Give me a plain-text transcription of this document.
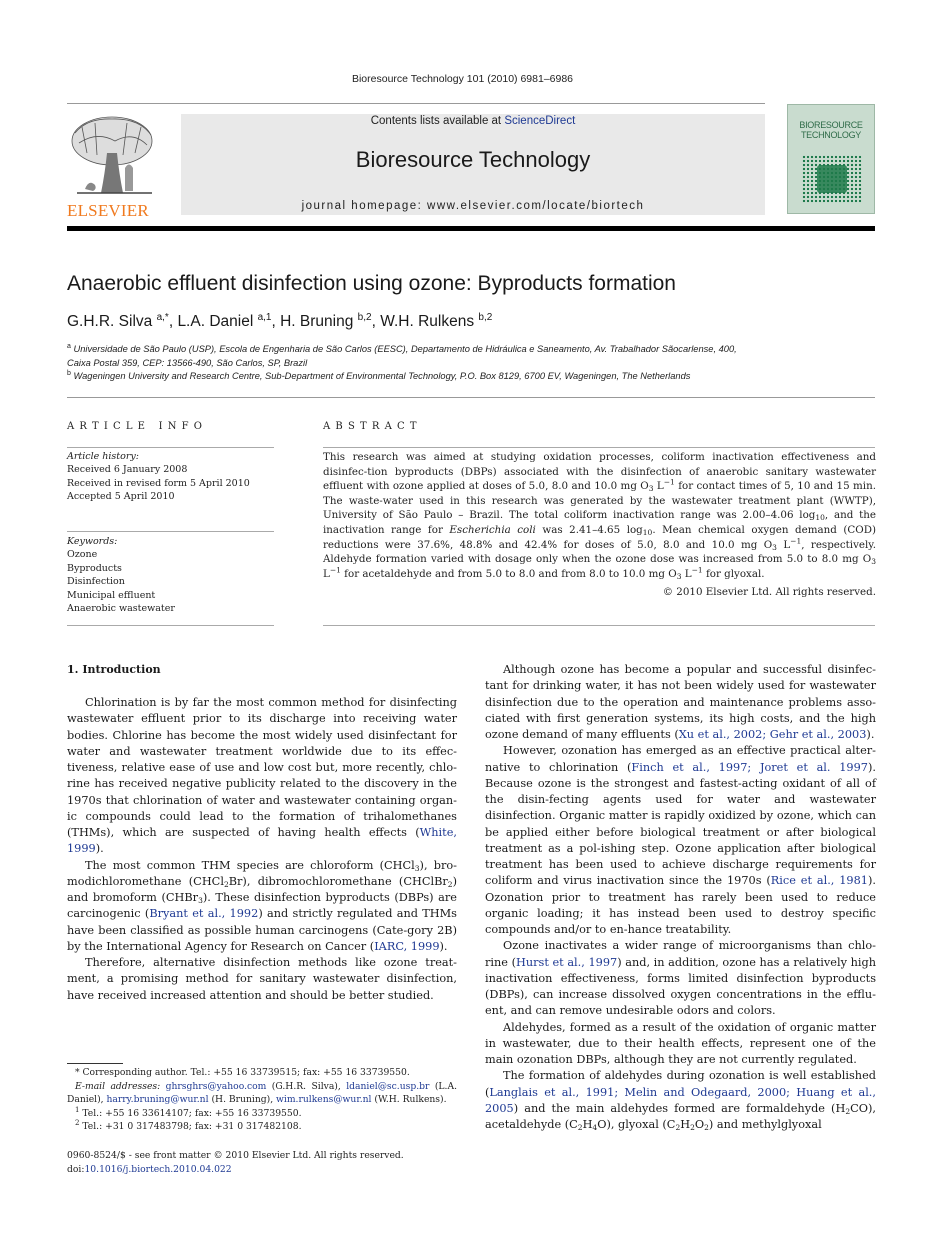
Bioresource Technology 101 (2010) 6981–6986
ELSEVIER
Contents lists available at ScienceDirect
Bioresource Technology
journal homepage: www.elsevier.com/locate/biortech
BIORESOURCE
TECHNOLOGY
Anaerobic effluent disinfection using ozone: Byproducts formation
G.H.R. Silva $^{a,*}$, L.A. Daniel $^{a,1}$, H. Bruning $^{b,2}$, W.H. Rulkens $^{b,2}$
$^a$ Universidade de São Paulo (USP), Escola de Engenharia de São Carlos (EESC), Departamento de Hidráulica e Saneamento, Av. Trabalhador Sãocarlense, 400,
Caixa Postal 359, CEP: 13566-490, São Carlos, SP, Brazil
$^b$ Wageningen University and Research Centre, Sub-Department of Environmental Technology, P.O. Box 8129, 6700 EV, Wageningen, The Netherlands
ARTICLE INFO
Article history:
Received 6 January 2008
Received in revised form 5 April 2010
Accepted 5 April 2010
Keywords:
Ozone
Byproducts
Disinfection
Municipal effluent
Anaerobic wastewater
ABSTRACT
This research was aimed at studying oxidation processes, coliform inactivation effectiveness and disinfec-tion byproducts (DBPs) associated with the disinfection of anaerobic sanitary wastewater effluent with ozone applied at doses of 5.0, 8.0 and 10.0 mg $O_3$ $L^{-1}$ for contact times of 5, 10 and 15 min. The waste-water used in this research was generated by the wastewater treatment plant (WWTP), University of São Paulo – Brazil. The total coliform inactivation range was 2.00–4.06 $\log_{10}$, and the inactivation range for Escherichia coli was 2.41–4.65 $\log_{10}$. Mean chemical oxygen demand (COD) reductions were 37.6%, 48.8% and 42.4% for doses of 5.0, 8.0 and 10.0 mg $O_3$ $L^{-1}$, respectively. Aldehyde formation varied with dosage only when the ozone dose was increased from 5.0 to 8.0 mg $O_3$ $L^{-1}$ for acetaldehyde and from 5.0 to 8.0 and from 8.0 to 10.0 mg $O_3$ $L^{-1}$ for glyoxal.
© 2010 Elsevier Ltd. All rights reserved.
1. Introduction

Chlorination is by far the most common method for disinfecting wastewater effluent prior to its discharge into receiving water bodies. Chlorine has become the most widely used disinfectant for water and wastewater treatment worldwide due to its effec-tiveness, relative ease of use and low cost but, more recently, chlo-rine has received negative publicity related to the discovery in the 1970s that chlorination of water and wastewater containing organ-ic compounds could lead to the formation of trihalomethanes (THMs), which are suspected of having health effects (White, 1999).

The most common THM species are chloroform (CHCl$_3$), bro-modichloromethane (CHCl$_2$Br), dibromochloromethane (CHClBr$_2$) and bromoform (CHBr$_3$). These disinfection byproducts (DBPs) are carcinogenic (Bryant et al., 1992) and strictly regulated and THMs have been classified as possible human carcinogens (Cate-gory 2B) by the International Agency for Research on Cancer (IARC, 1999).

Therefore, alternative disinfection methods like ozone treat-ment, a promising method for sanitary wastewater disinfection, have received increased attention and should be better studied.

Although ozone has become a popular and successful disinfec-tant for drinking water, it has not been widely used for wastewater disinfection due to the operation and maintenance problems asso-ciated with first generation systems, its high costs, and the high ozone demand of many effluents (Xu et al., 2002; Gehr et al., 2003).

However, ozonation has emerged as an effective practical alter-native to chlorination (Finch et al., 1997; Joret et al. 1997). Because ozone is the strongest and fastest-acting oxidant of all of the disin-fecting agents used for water and wastewater disinfection. Organic matter is rapidly oxidized by ozone, which can be applied either before biological treatment or after biological treatment as a pol-ishing step. Ozone application after biological treatment has been used to achieve discharge requirements for coliform and virus inactivation since the 1970s (Rice et al., 1981). Ozonation prior to treatment has rarely been used to reduce organic loading; it has instead been used to destroy specific compounds and/or to en-hance treatability.

Ozone inactivates a wider range of microorganisms than chlo-rine (Hurst et al., 1997) and, in addition, ozone has a relatively high inactivation effectiveness, forms limited disinfection byproducts (DBPs), can increase dissolved oxygen concentrations in the efflu-ent, and can remove undesirable odors and colors.

Aldehydes, formed as a result of the oxidation of organic matter in wastewater, due to their health effects, represent one of the main ozonation DBPs, although they are not currently regulated.

The formation of aldehydes during ozonation is well established (Langlais et al., 1991; Melin and Odegaard, 2000; Huang et al., 2005) and the main aldehydes formed are formaldehyde $(H_2CO)$, acetaldehyde $(C_2H_4O)$, glyoxal $(C_2H_2O_2)$ and methylglyoxal

* Corresponding author. Tel.: +55 16 33739515; fax: +55 16 33739550.
E-mail addresses: ghrsghrs@yahoo.com (G.H.R. Silva), ldaniel@sc.usp.br (L.A. Daniel), harry.bruning@wur.nl (H. Bruning), wim.rulkens@wur.nl (W.H. Rulkens).
$^1$ Tel.: +55 16 33614107; fax: +55 16 33739550.
$^2$ Tel.: +31 0 317483798; fax: +31 0 317482108.
0960-8524/$ - see front matter © 2010 Elsevier Ltd. All rights reserved.
doi:10.1016/j.biortech.2010.04.022
